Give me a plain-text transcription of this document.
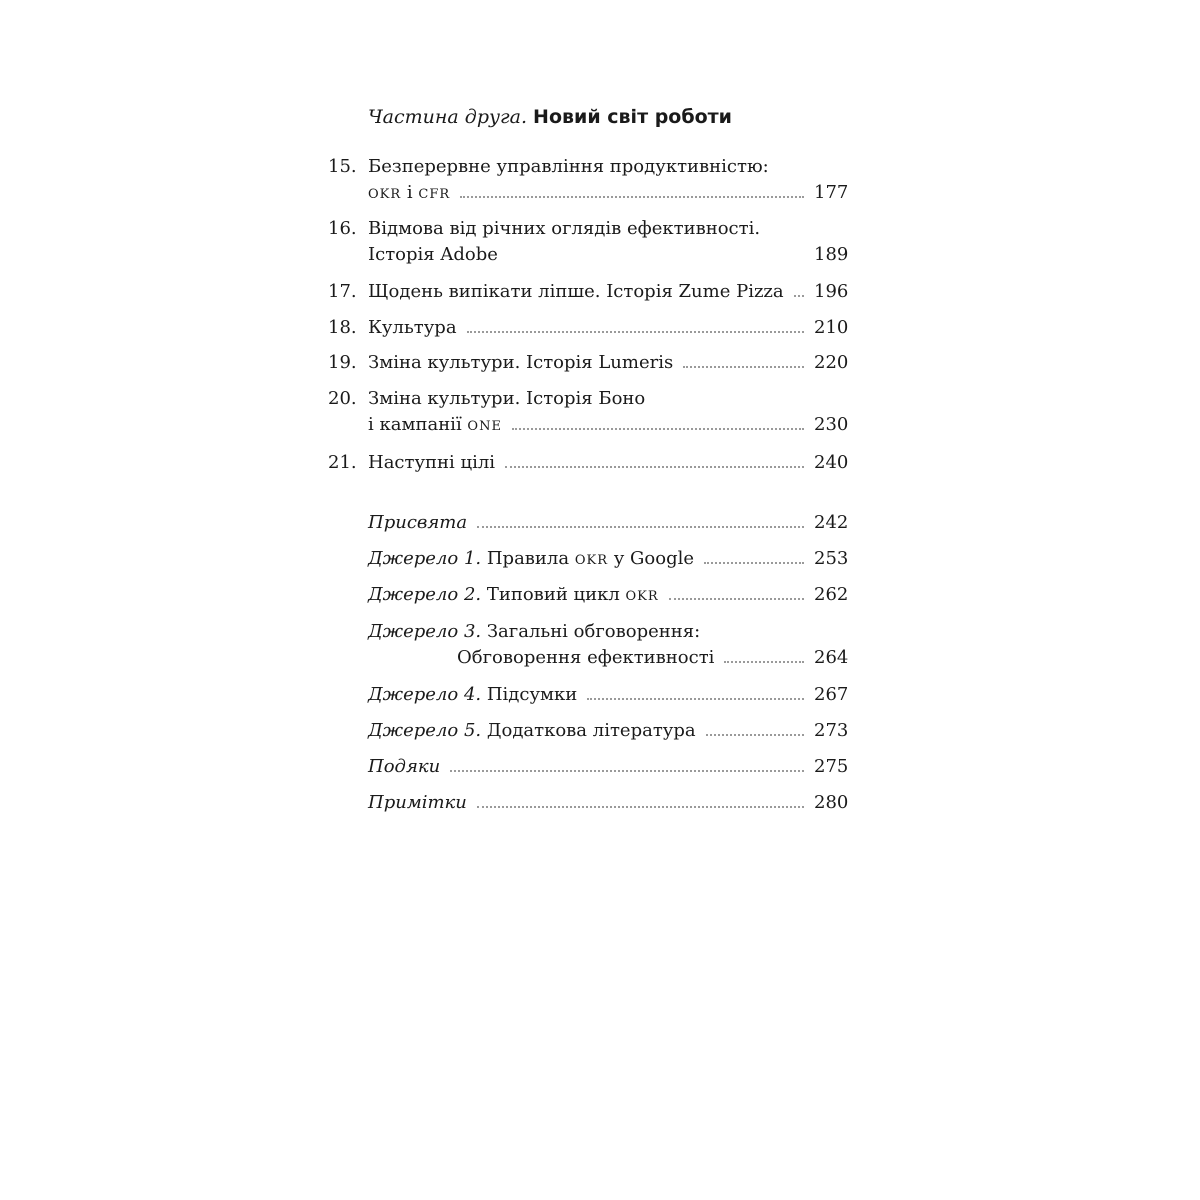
Частина друга. Новий світ роботи
15. Безперервне управління продуктивністю:
okr і cfr	177
16. Відмова від річних оглядів ефективності.
Історія Adobe	189
17. Щодень випікати ліпше. Історія Zume Pizza 196
18. Культура	210
19. Зміна культури. Історія Lumeris	220
20. Зміна культури. Історія Боно
і кампанії one	230
21. Наступні цілі	240
Присвята	242
Джерело 1. Правила okr у Google	253
Джерело 2. Типовий цикл okr	262
Джерело 3. Загальні обговорення:
Обговорення ефективності	264
Джерело 4. Підсумки	267
Джерело 5. Додаткова література	273
Подяки	275
Примітки	280
